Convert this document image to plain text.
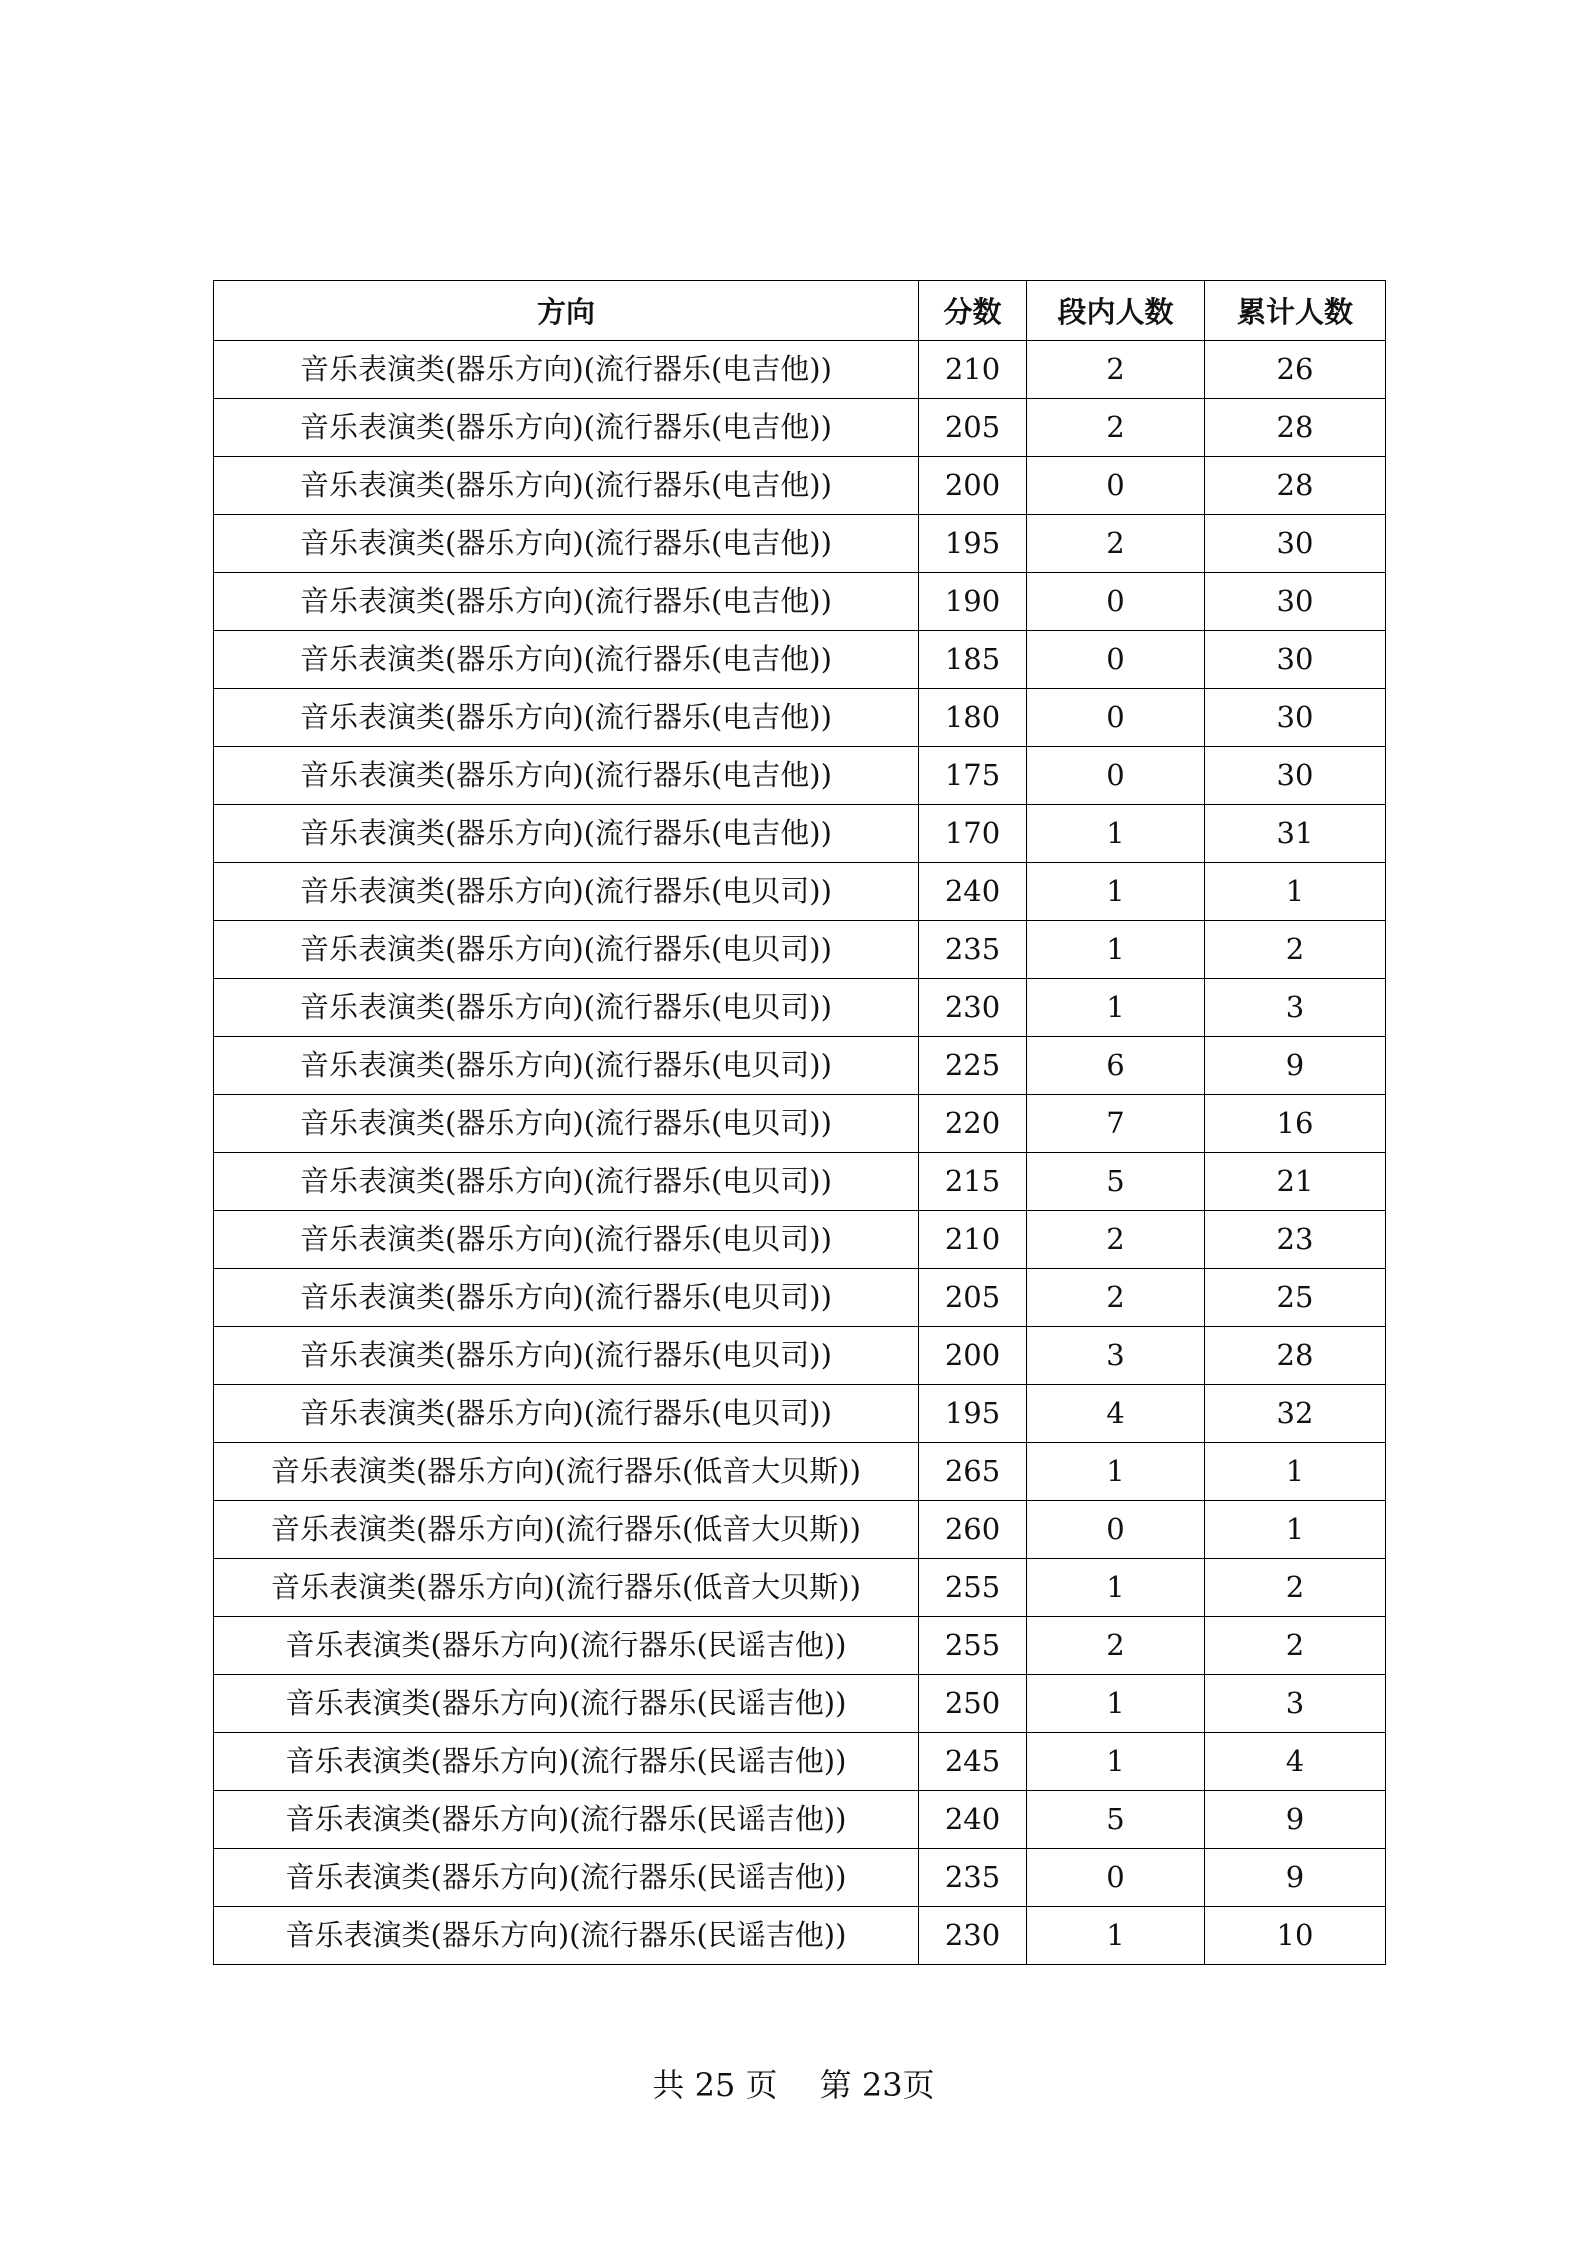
方向	分数	段内人数	累计人数
音乐表演类(器乐方向)(流行器乐(电吉他))	210	2	26
音乐表演类(器乐方向)(流行器乐(电吉他))	205	2	28
音乐表演类(器乐方向)(流行器乐(电吉他))	200	0	28
音乐表演类(器乐方向)(流行器乐(电吉他))	195	2	30
音乐表演类(器乐方向)(流行器乐(电吉他))	190	0	30
音乐表演类(器乐方向)(流行器乐(电吉他))	185	0	30
音乐表演类(器乐方向)(流行器乐(电吉他))	180	0	30
音乐表演类(器乐方向)(流行器乐(电吉他))	175	0	30
音乐表演类(器乐方向)(流行器乐(电吉他))	170	1	31
音乐表演类(器乐方向)(流行器乐(电贝司))	240	1	1
音乐表演类(器乐方向)(流行器乐(电贝司))	235	1	2
音乐表演类(器乐方向)(流行器乐(电贝司))	230	1	3
音乐表演类(器乐方向)(流行器乐(电贝司))	225	6	9
音乐表演类(器乐方向)(流行器乐(电贝司))	220	7	16
音乐表演类(器乐方向)(流行器乐(电贝司))	215	5	21
音乐表演类(器乐方向)(流行器乐(电贝司))	210	2	23
音乐表演类(器乐方向)(流行器乐(电贝司))	205	2	25
音乐表演类(器乐方向)(流行器乐(电贝司))	200	3	28
音乐表演类(器乐方向)(流行器乐(电贝司))	195	4	32
音乐表演类(器乐方向)(流行器乐(低音大贝斯))	265	1	1
音乐表演类(器乐方向)(流行器乐(低音大贝斯))	260	0	1
音乐表演类(器乐方向)(流行器乐(低音大贝斯))	255	1	2
音乐表演类(器乐方向)(流行器乐(民谣吉他))	255	2	2
音乐表演类(器乐方向)(流行器乐(民谣吉他))	250	1	3
音乐表演类(器乐方向)(流行器乐(民谣吉他))	245	1	4
音乐表演类(器乐方向)(流行器乐(民谣吉他))	240	5	9
音乐表演类(器乐方向)(流行器乐(民谣吉他))	235	0	9
音乐表演类(器乐方向)(流行器乐(民谣吉他))	230	1	10
共 25 页 第 23页
